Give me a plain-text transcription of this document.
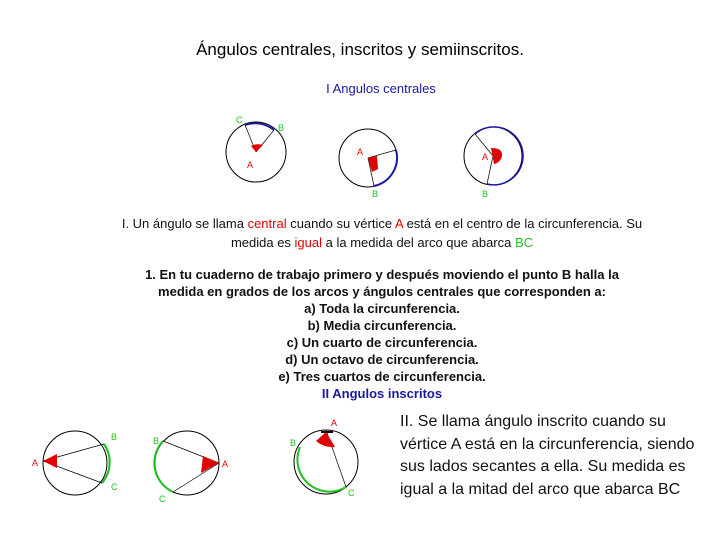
Ángulos centrales, inscritos y semiinscritos.
I Angulos centrales
C
B
A
A
B
A
B
A
B
C
A
B
C
A
B
C
I. Un ángulo se llama central cuando su vértice A está en el centro de la circunferencia. Su medida es igual a la medida del arco que abarca BC
1. En tu cuaderno de trabajo primero y después moviendo el punto B halla la
medida en grados de los arcos y ángulos centrales que corresponden a:
a) Toda la circunferencia.
b) Media circunferencia.
c) Un cuarto de circunferencia.
d) Un octavo de circunferencia.
e) Tres cuartos de circunferencia.
II Angulos inscritos
II. Se llama ángulo inscrito cuando su vértice A está en la circunferencia, siendo sus lados secantes a ella. Su medida es igual a la mitad del arco que abarca BC
